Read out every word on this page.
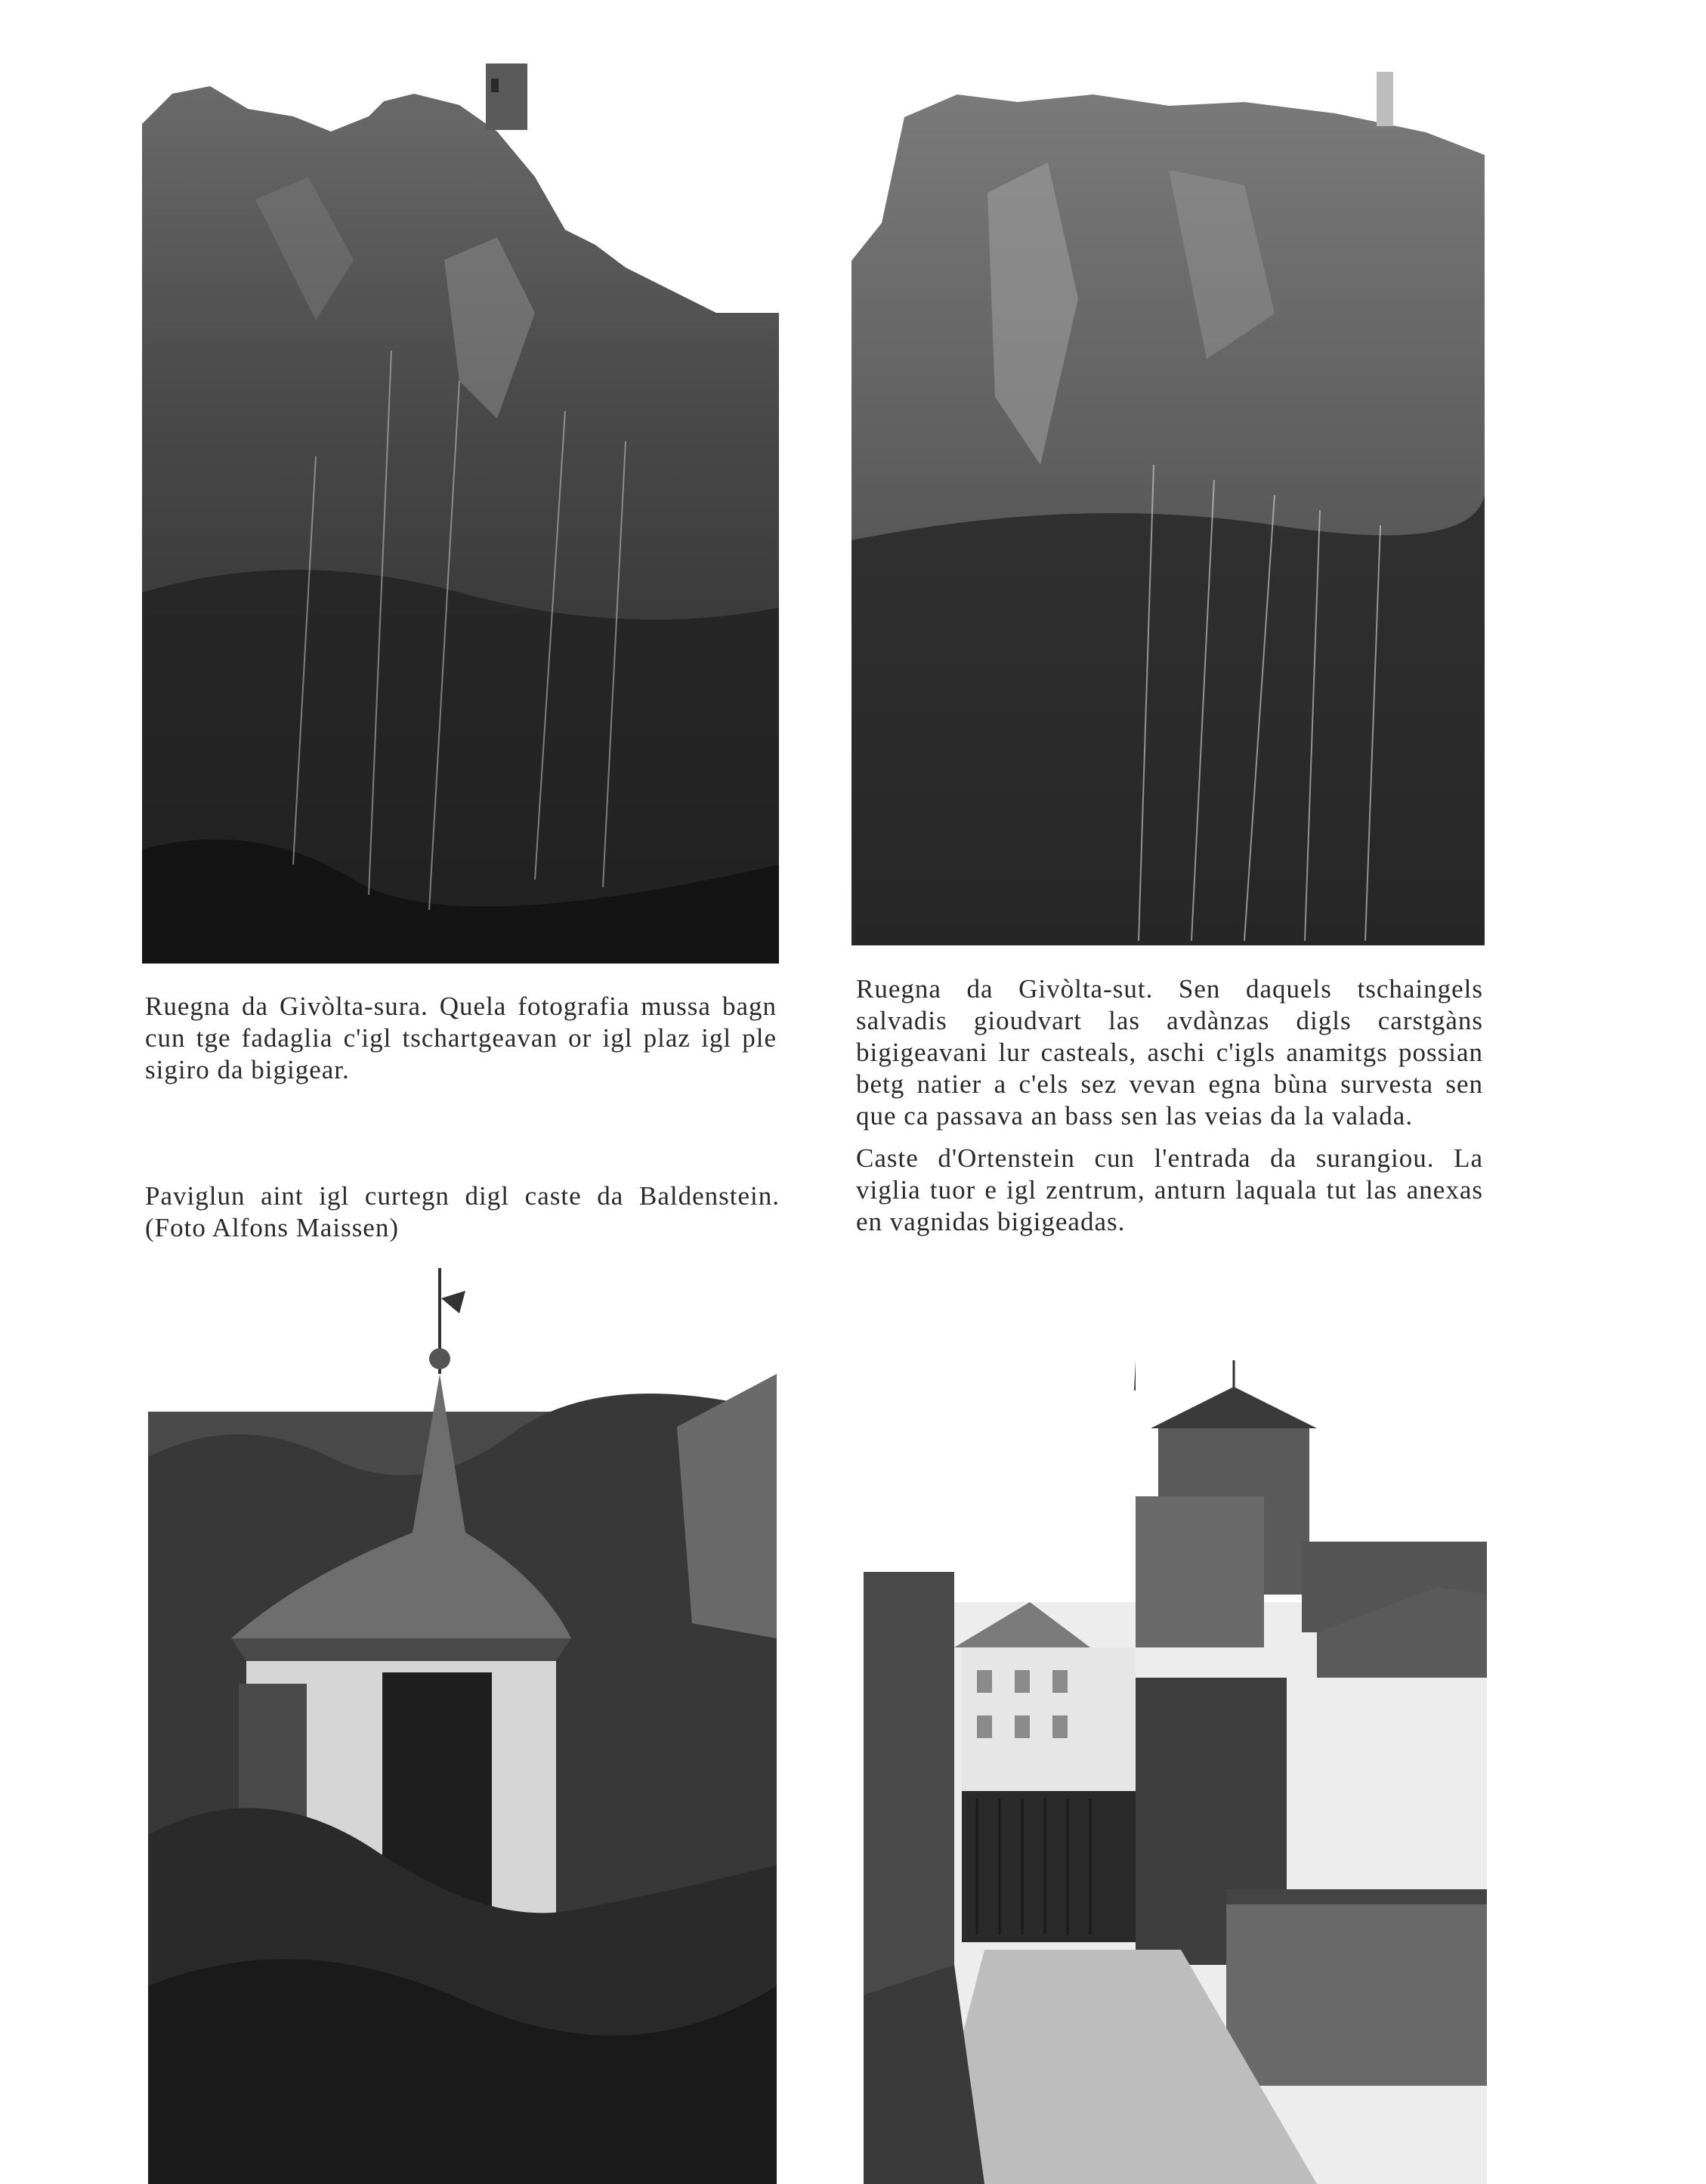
Ruegna da Givòlta-sura. Quela fotografia mussa bagn cun tge fadaglia c'igl tschartgeavan or igl plaz igl ple sigiro da bigigear.

Ruegna da Givòlta-sut. Sen daquels tschaingels salvadis gioudvart las avdànzas digls carstgàns bigigeavani lur casteals, aschi c'igls anamitgs possian betg natier a c'els sez vevan egna bùna survesta sen que ca passava an bass sen las veias da la valada.

Paviglun aint igl curtegn digl caste da Baldenstein. (Foto Alfons Maissen)

Caste d'Ortenstein cun l'entrada da surangiou. La viglia tuor e igl zentrum, anturn laquala tut las anexas en vagnidas bigigeadas.
